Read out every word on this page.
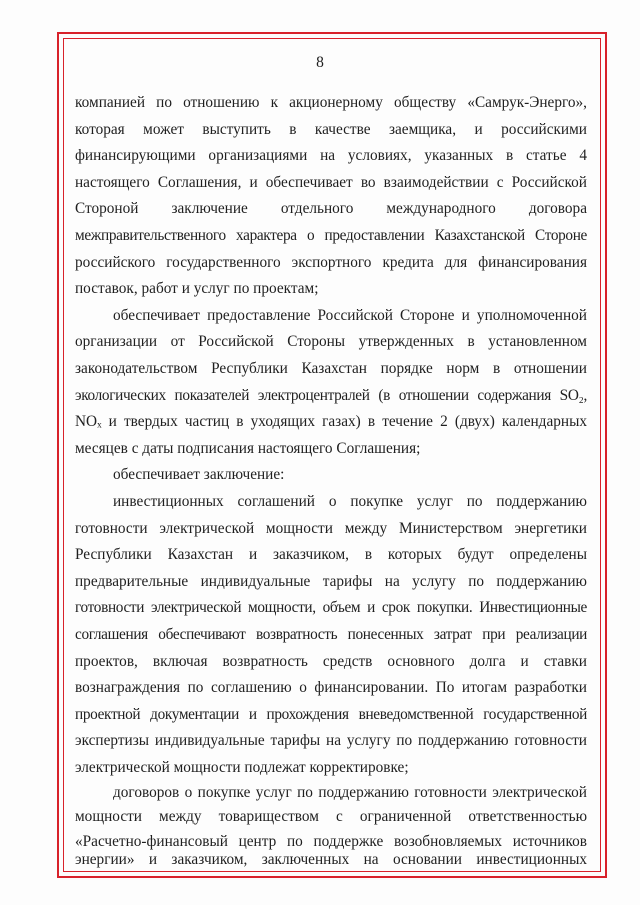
8
компанией по отношению к акционерному обществу «Самрук-Энерго»,
которая может выступить в качестве заемщика, и российскими
финансирующими организациями на условиях, указанных в статье 4
настоящего Соглашения, и обеспечивает во взаимодействии с Российской
Стороной заключение отдельного международного договора
межправительственного характера о предоставлении Казахстанской Стороне
российского государственного экспортного кредита для финансирования
поставок, работ и услуг по проектам;
обеспечивает предоставление Российской Стороне и уполномоченной
организации от Российской Стороны утвержденных в установленном
законодательством Республики Казахстан порядке норм в отношении
экологических показателей электроцентралей (в отношении содержания SO₂,
NOₓ и твердых частиц в уходящих газах) в течение 2 (двух) календарных
месяцев с даты подписания настоящего Соглашения;
обеспечивает заключение:
инвестиционных соглашений о покупке услуг по поддержанию
готовности электрической мощности между Министерством энергетики
Республики Казахстан и заказчиком, в которых будут определены
предварительные индивидуальные тарифы на услугу по поддержанию
готовности электрической мощности, объем и срок покупки. Инвестиционные
соглашения обеспечивают возвратность понесенных затрат при реализации
проектов, включая возвратность средств основного долга и ставки
вознаграждения по соглашению о финансировании. По итогам разработки
проектной документации и прохождения вневедомственной государственной
экспертизы индивидуальные тарифы на услугу по поддержанию готовности
электрической мощности подлежат корректировке;
договоров о покупке услуг по поддержанию готовности электрической
мощности между товариществом с ограниченной ответственностью
«Расчетно-финансовый центр по поддержке возобновляемых источников
энергии» и заказчиком, заключенных на основании инвестиционных
